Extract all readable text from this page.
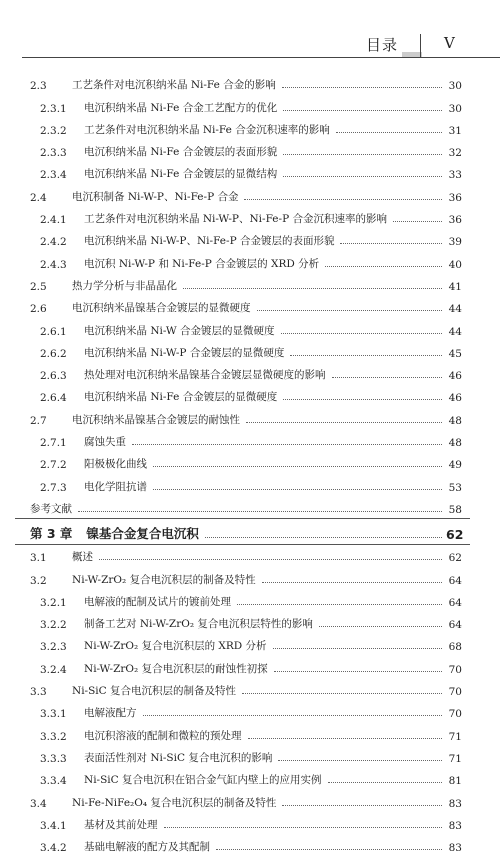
目录	V
2.3	工艺条件对电沉积纳米晶 Ni-Fe 合金的影响	30
2.3.1	电沉积纳米晶 Ni-Fe 合金工艺配方的优化	30
2.3.2	工艺条件对电沉积纳米晶 Ni-Fe 合金沉积速率的影响	31
2.3.3	电沉积纳米晶 Ni-Fe 合金镀层的表面形貌	32
2.3.4	电沉积纳米晶 Ni-Fe 合金镀层的显微结构	33
2.4	电沉积制备 Ni-W-P、Ni-Fe-P 合金	36
2.4.1	工艺条件对电沉积纳米晶 Ni-W-P、Ni-Fe-P 合金沉积速率的影响	36
2.4.2	电沉积纳米晶 Ni-W-P、Ni-Fe-P 合金镀层的表面形貌	39
2.4.3	电沉积 Ni-W-P 和 Ni-Fe-P 合金镀层的 XRD 分析	40
2.5	热力学分析与非晶晶化	41
2.6	电沉积纳米晶镍基合金镀层的显微硬度	44
2.6.1	电沉积纳米晶 Ni-W 合金镀层的显微硬度	44
2.6.2	电沉积纳米晶 Ni-W-P 合金镀层的显微硬度	45
2.6.3	热处理对电沉积纳米晶镍基合金镀层显微硬度的影响	46
2.6.4	电沉积纳米晶 Ni-Fe 合金镀层的显微硬度	46
2.7	电沉积纳米晶镍基合金镀层的耐蚀性	48
2.7.1	腐蚀失重	48
2.7.2	阳极极化曲线	49
2.7.3	电化学阻抗谱	53
参考文献	58
第 3 章 镍基合金复合电沉积	62
3.1	概述	62
3.2	Ni-W-ZrO₂ 复合电沉积层的制备及特性	64
3.2.1	电解液的配制及试片的镀前处理	64
3.2.2	制备工艺对 Ni-W-ZrO₂ 复合电沉积层特性的影响	64
3.2.3	Ni-W-ZrO₂ 复合电沉积层的 XRD 分析	68
3.2.4	Ni-W-ZrO₂ 复合电沉积层的耐蚀性初探	70
3.3	Ni-SiC 复合电沉积层的制备及特性	70
3.3.1	电解液配方	70
3.3.2	电沉积溶液的配制和微粒的预处理	71
3.3.3	表面活性剂对 Ni-SiC 复合电沉积的影响	71
3.3.4	Ni-SiC 复合电沉积在铝合金气缸内壁上的应用实例	81
3.4	Ni-Fe-NiFe₂O₄ 复合电沉积层的制备及特性	83
3.4.1	基材及其前处理	83
3.4.2	基础电解液的配方及其配制	83
